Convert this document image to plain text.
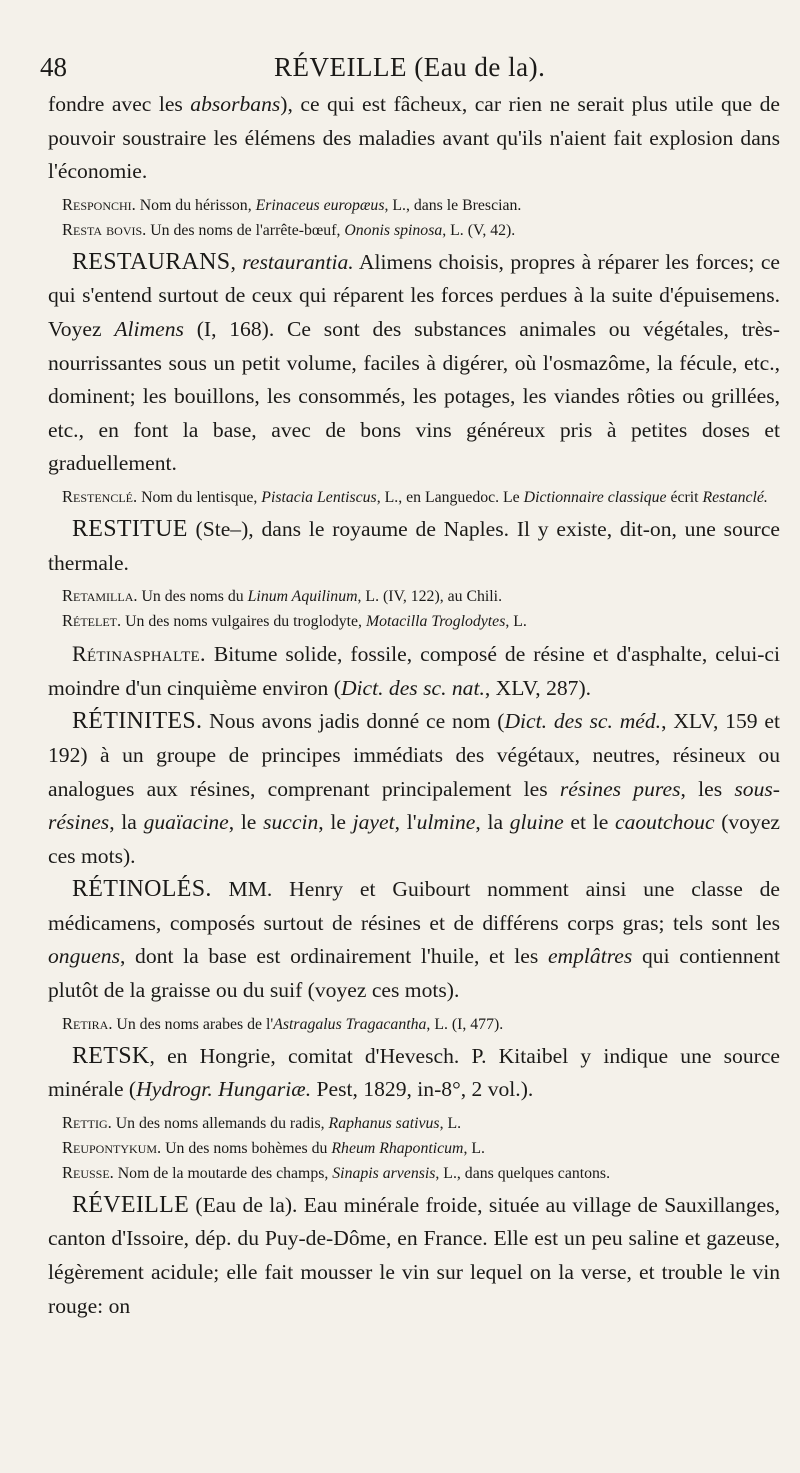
48	RÉVEILLE (Eau de la).

fondre avec les absorbans), ce qui est fâcheux, car rien ne serait plus utile que de pouvoir soustraire les élémens des maladies avant qu'ils n'aient fait explosion dans l'économie.

Responchi. Nom du hérisson, Erinaceus europæus, L., dans le Brescian.

Resta bovis. Un des noms de l'arrête-bœuf, Ononis spinosa, L. (V, 42).

RESTAURANS, restaurantia. Alimens choisis, propres à réparer les forces; ce qui s'entend surtout de ceux qui réparent les forces perdues à la suite d'épuisemens. Voyez Alimens (I, 168). Ce sont des substances animales ou végétales, très-nourrissantes sous un petit volume, faciles à digérer, où l'osmazôme, la fécule, etc., dominent; les bouillons, les consommés, les potages, les viandes rôties ou grillées, etc., en font la base, avec de bons vins généreux pris à petites doses et graduellement.

Restenclé. Nom du lentisque, Pistacia Lentiscus, L., en Languedoc. Le Dictionnaire classique écrit Restanclé.

RESTITUE (Ste–), dans le royaume de Naples. Il y existe, dit-on, une source thermale.

Retamilla. Un des noms du Linum Aquilinum, L. (IV, 122), au Chili.

Rételet. Un des noms vulgaires du troglodyte, Motacilla Troglodytes, L.

Rétinasphalte. Bitume solide, fossile, composé de résine et d'asphalte, celui-ci moindre d'un cinquième environ (Dict. des sc. nat., XLV, 287).

RÉTINITES. Nous avons jadis donné ce nom (Dict. des sc. méd., XLV, 159 et 192) à un groupe de principes immédiats des végétaux, neutres, résineux ou analogues aux résines, comprenant principalement les résines pures, les sous-résines, la guaïacine, le succin, le jayet, l'ulmine, la gluine et le caoutchouc (voyez ces mots).

RÉTINOLÉS. MM. Henry et Guibourt nomment ainsi une classe de médicamens, composés surtout de résines et de différens corps gras; tels sont les onguens, dont la base est ordinairement l'huile, et les emplâtres qui contiennent plutôt de la graisse ou du suif (voyez ces mots).

Retira. Un des noms arabes de l'Astragalus Tragacantha, L. (I, 477).

RETSK, en Hongrie, comitat d'Hevesch. P. Kitaibel y indique une source minérale (Hydrogr. Hungariæ. Pest, 1829, in-8°, 2 vol.).

Rettig. Un des noms allemands du radis, Raphanus sativus, L.

Reupontykum. Un des noms bohèmes du Rheum Rhaponticum, L.

Reusse. Nom de la moutarde des champs, Sinapis arvensis, L., dans quelques cantons.

RÉVEILLE (Eau de la). Eau minérale froide, située au village de Sauxillanges, canton d'Issoire, dép. du Puy-de-Dôme, en France. Elle est un peu saline et gazeuse, légèrement acidule; elle fait mousser le vin sur lequel on la verse, et trouble le vin rouge: on
